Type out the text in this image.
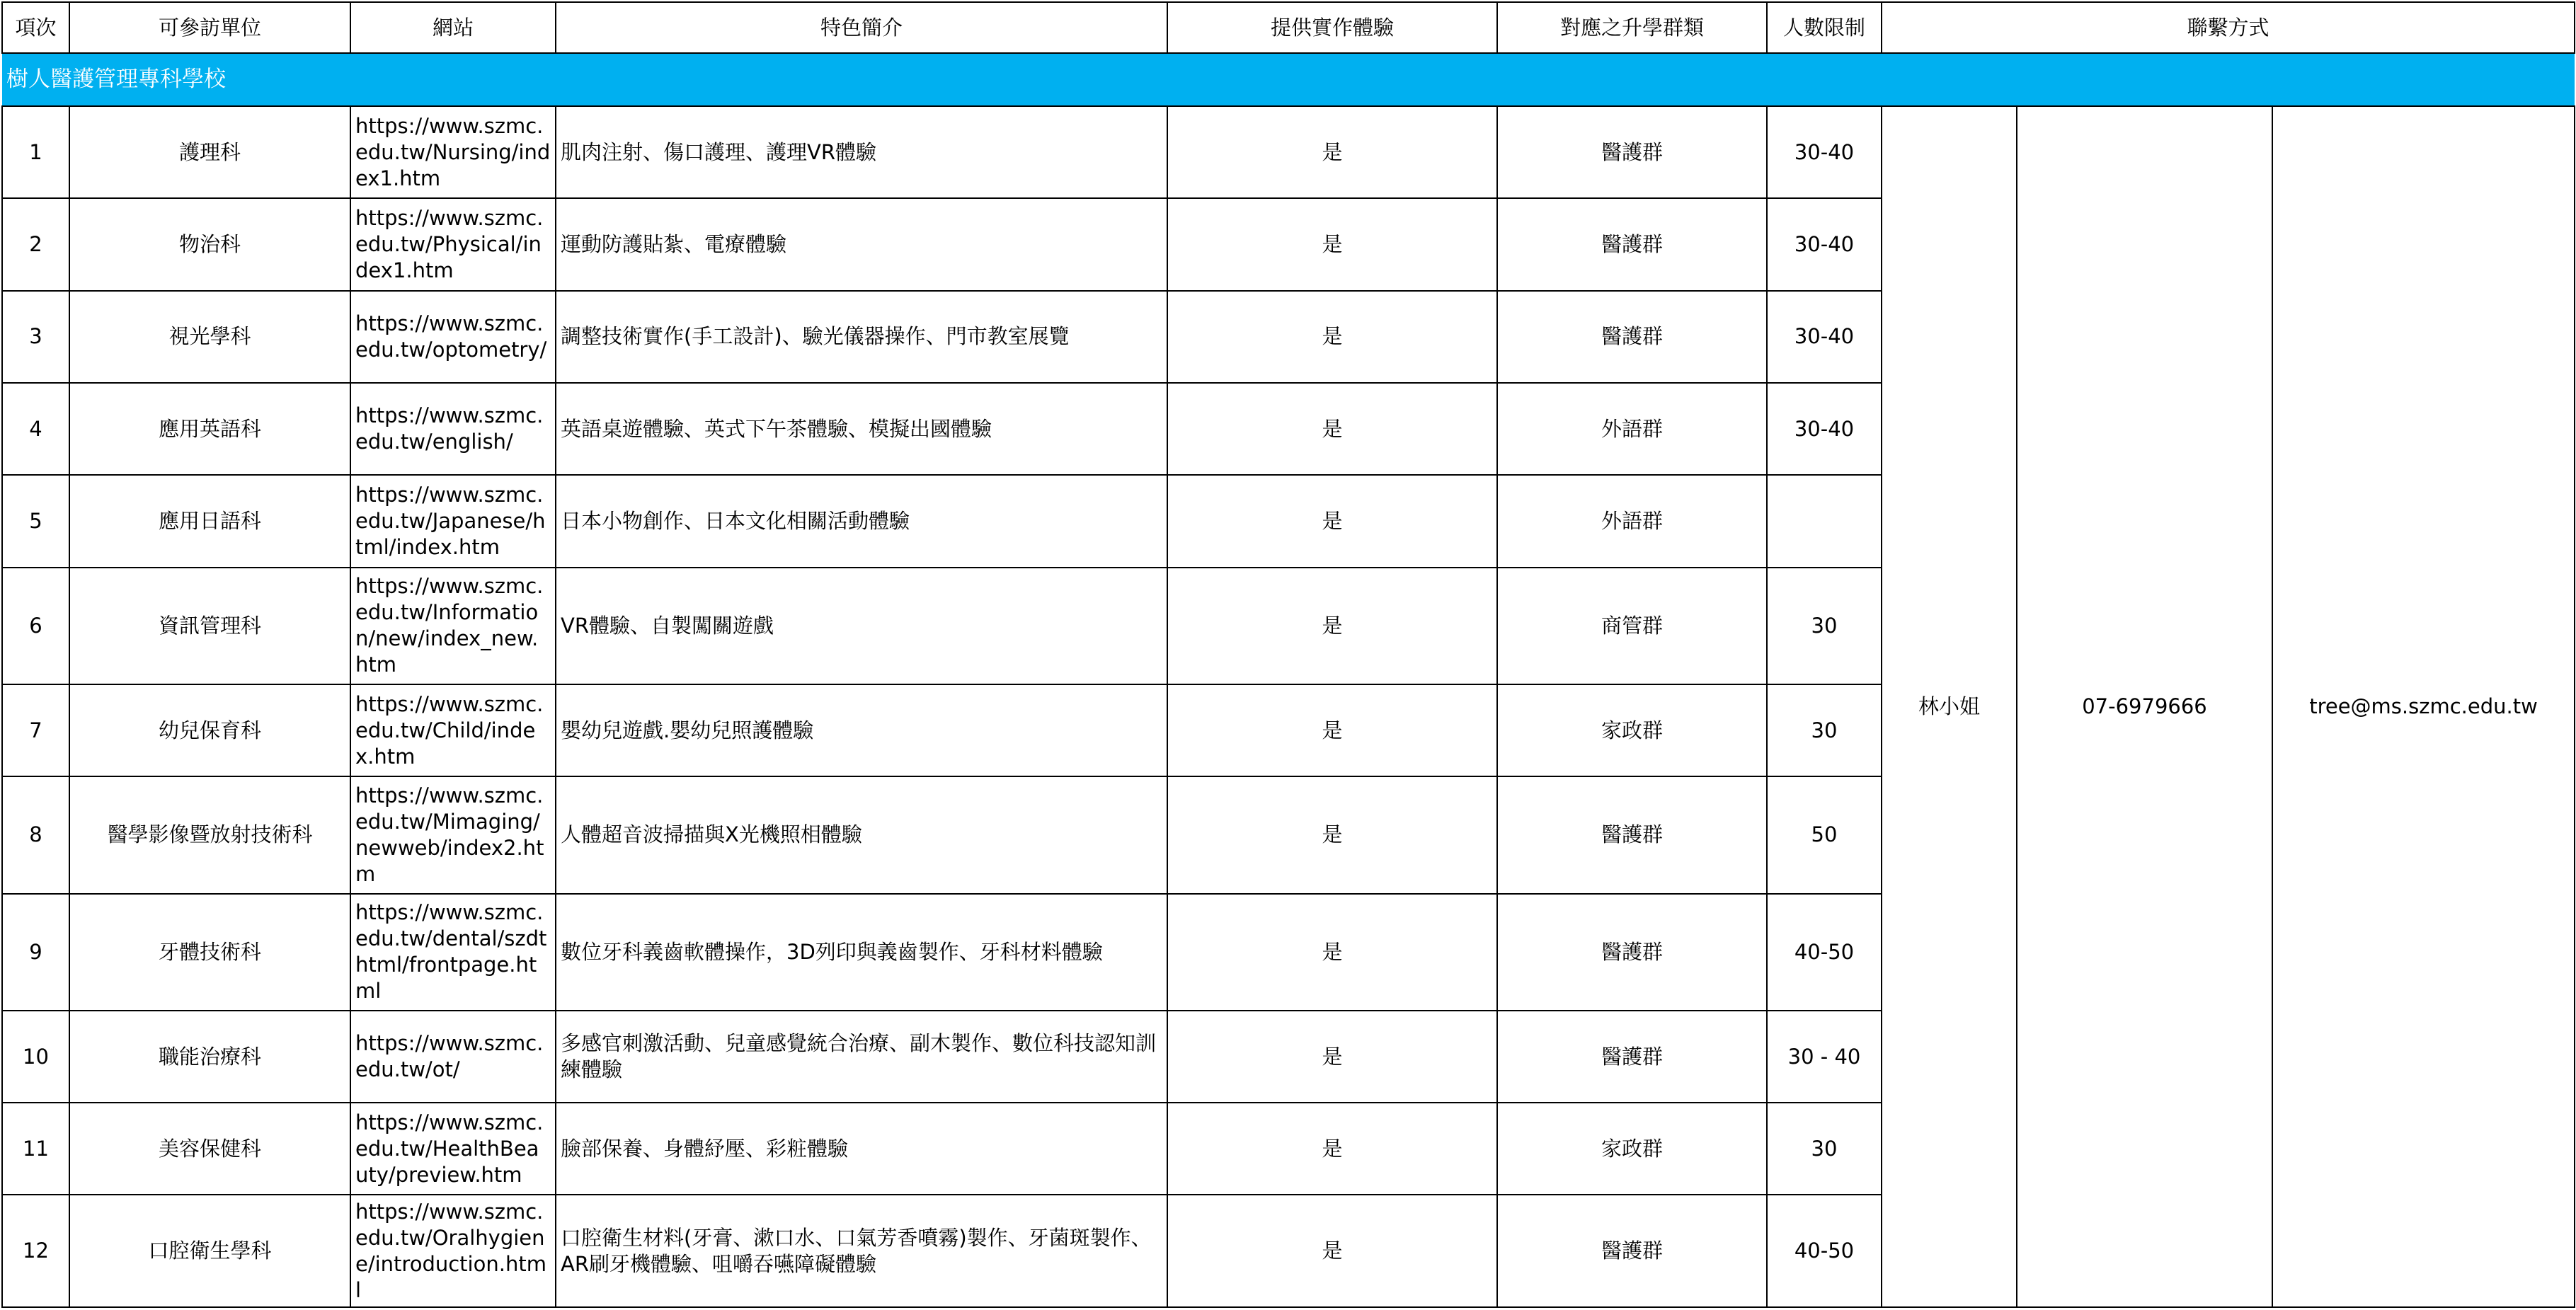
項次	可參訪單位	網站	特色簡介	提供實作體驗	對應之升學群類	人數限制	聯繫方式		
樹人醫護管理專科學校									
1	護理科	https://www.szmc.edu.tw/Nursing/index1.htm	肌肉注射、傷口護理、護理VR體驗	是	醫護群	30-40	林小姐	07-6979666	tree@ms.szmc.edu.tw
2	物治科	https://www.szmc.edu.tw/Physical/index1.htm	運動防護貼紮、電療體驗	是	醫護群	30-40			
3	視光學科	https://www.szmc.edu.tw/optometry/	調整技術實作(手工設計)、驗光儀器操作、門市教室展覽	是	醫護群	30-40			
4	應用英語科	https://www.szmc.edu.tw/english/	英語桌遊體驗、英式下午茶體驗、模擬出國體驗	是	外語群	30-40			
5	應用日語科	https://www.szmc.edu.tw/Japanese/html/index.htm	日本小物創作、日本文化相關活動體驗	是	外語群				
6	資訊管理科	https://www.szmc.edu.tw/Information/new/index_new.htm	VR體驗、自製闖關遊戲	是	商管群	30			
7	幼兒保育科	https://www.szmc.edu.tw/Child/index.htm	嬰幼兒遊戲.嬰幼兒照護體驗	是	家政群	30			
8	醫學影像暨放射技術科	https://www.szmc.edu.tw/Mimaging/newweb/index2.htm	人體超音波掃描與X光機照相體驗	是	醫護群	50			
9	牙體技術科	https://www.szmc.edu.tw/dental/szdthtml/frontpage.html	數位牙科義齒軟體操作，3D列印與義齒製作、牙科材料體驗	是	醫護群	40-50			
10	職能治療科	https://www.szmc.edu.tw/ot/	多感官刺激活動、兒童感覺統合治療、副木製作、數位科技認知訓練體驗	是	醫護群	30 - 40			
11	美容保健科	https://www.szmc.edu.tw/HealthBeauty/preview.htm	臉部保養、身體紓壓、彩粧體驗	是	家政群	30			
12	口腔衛生學科	https://www.szmc.edu.tw/Oralhygiene/introduction.html	口腔衛生材料(牙膏、漱口水、口氣芳香噴霧)製作、牙菌斑製作、AR刷牙機體驗、咀嚼吞嚥障礙體驗	是	醫護群	40-50			
